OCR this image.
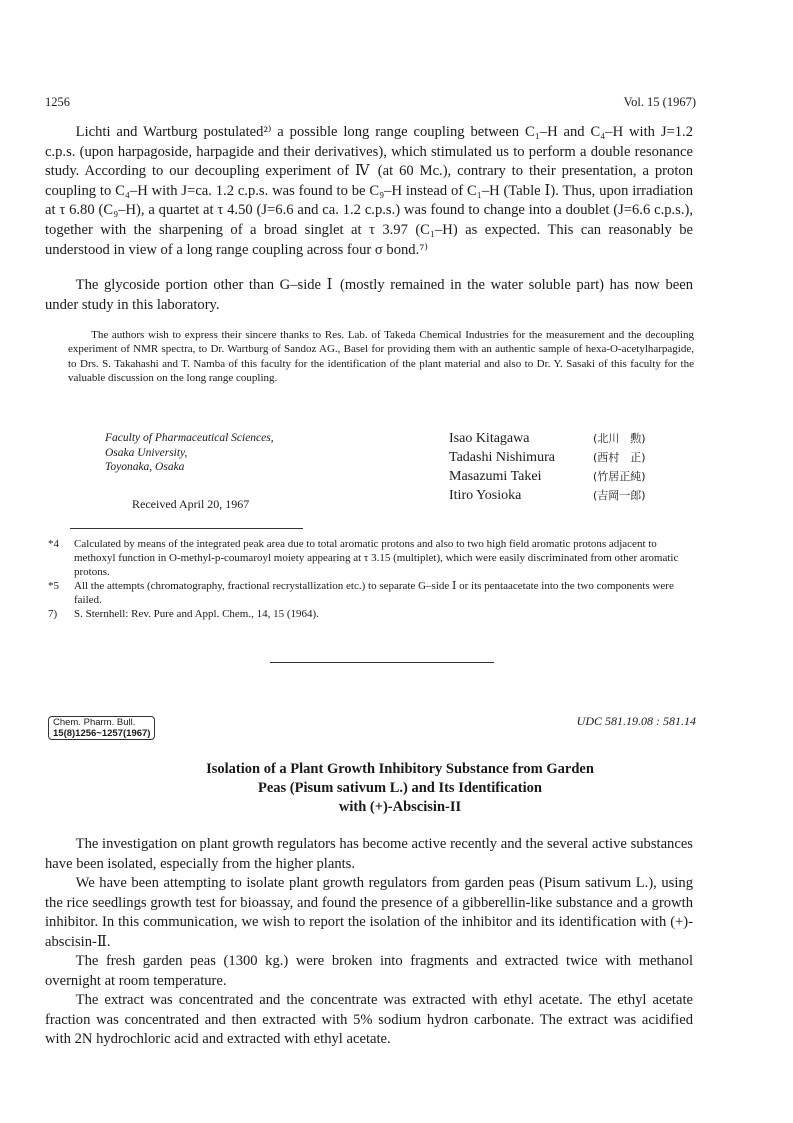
1256	Vol. 15 (1967)

Lichti and Wartburg postulated²⁾ a possible long range coupling between C₁–H and C₄–H with J=1.2 c.p.s. (upon harpagoside, harpagide and their derivatives), which stimulated us to perform a double resonance study. According to our decoupling experiment of Ⅳ (at 60 Mc.), contrary to their presentation, a proton coupling to C₄–H with J=ca. 1.2 c.p.s. was found to be C₉–H instead of C₁–H (Table Ⅰ). Thus, upon irradiation at τ 6.80 (C₉–H), a quartet at τ 4.50 (J=6.6 and ca. 1.2 c.p.s.) was found to change into a doublet (J=6.6 c.p.s.), together with the sharpening of a broad singlet at τ 3.97 (C₁–H) as expected. This can reasonably be understood in view of a long range coupling across four σ bond.⁷⁾

The glycoside portion other than G–side Ⅰ (mostly remained in the water soluble part) has now been under study in this laboratory.

The authors wish to express their sincere thanks to Res. Lab. of Takeda Chemical Industries for the measurement and the decoupling experiment of NMR spectra, to Dr. Wartburg of Sandoz AG., Basel for providing them with an authentic sample of hexa-O-acetylharpagide, to Drs. S. Takahashi and T. Namba of this faculty for the identification of the plant material and also to Dr. Y. Sasaki of this faculty for the valuable discussion on the long range coupling.

Faculty of Pharmaceutical Sciences,
Osaka University,
Toyonaka, Osaka
Received April 20, 1967
Isao Kitagawa	(北川　勲)
Tadashi Nishimura	(西村　正)
Masazumi Takei	(竹居正純)
Itiro Yosioka	(吉岡一郎)
*4	Calculated by means of the integrated peak area due to total aromatic protons and also to two high field aromatic protons adjacent to methoxyl function in O-methyl-p-coumaroyl moiety appearing at τ 3.15 (multiplet), which were easily discriminated from other aromatic protons.
*5	All the attempts (chromatography, fractional recrystallization etc.) to separate G–side Ⅰ or its pentaacetate into the two components were failed.
7)	S. Sternhell: Rev. Pure and Appl. Chem., 14, 15 (1964).
Chem. Pharm. Bull.
15(8)1256~1257(1967)
UDC 581.19.08 : 581.14
Isolation of a Plant Growth Inhibitory Substance from Garden
Peas (Pisum sativum L.) and Its Identification
with (+)-Abscisin-II

The investigation on plant growth regulators has become active recently and the several active substances have been isolated, especially from the higher plants.

We have been attempting to isolate plant growth regulators from garden peas (Pisum sativum L.), using the rice seedlings growth test for bioassay, and found the presence of a gibberellin-like substance and a growth inhibitor. In this communication, we wish to report the isolation of the inhibitor and its identification with (+)-abscisin-Ⅱ.

The fresh garden peas (1300 kg.) were broken into fragments and extracted twice with methanol overnight at room temperature.

The extract was concentrated and the concentrate was extracted with ethyl acetate. The ethyl acetate fraction was concentrated and then extracted with 5% sodium hydron carbonate. The extract was acidified with 2N hydrochloric acid and extracted with ethyl acetate.
